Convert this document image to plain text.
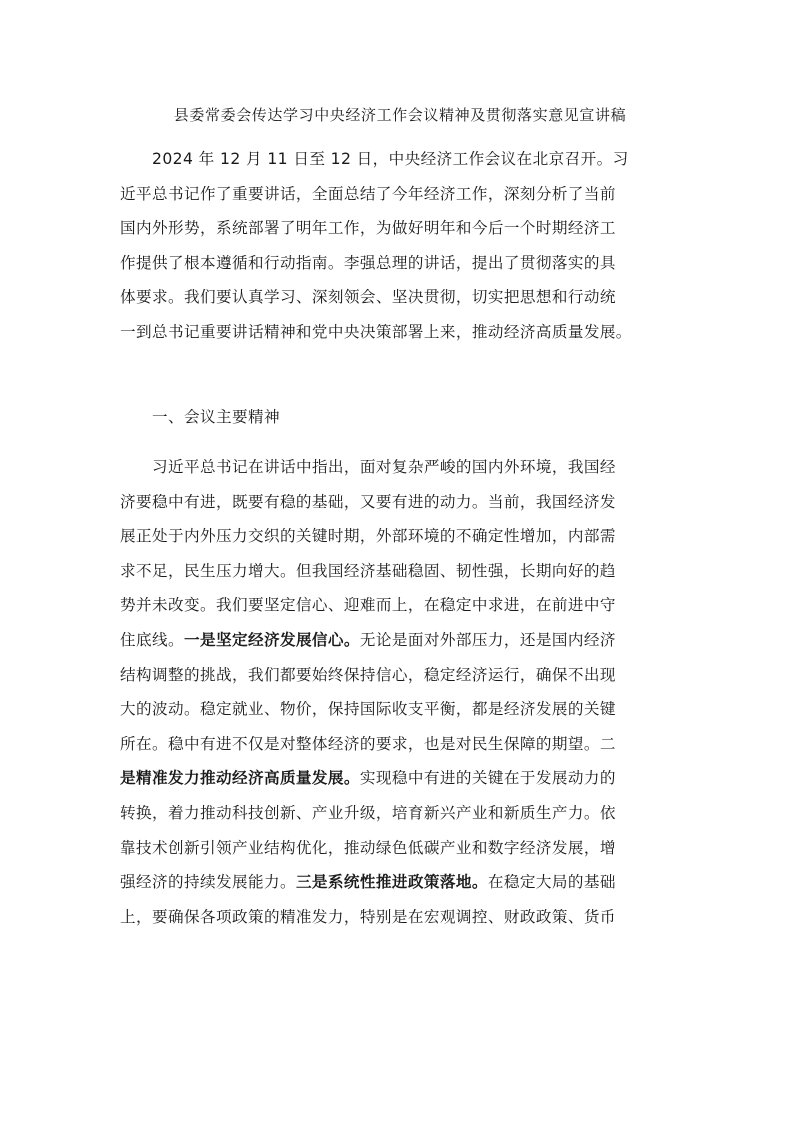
县委常委会传达学习中央经济工作会议精神及贯彻落实意见宣讲稿
2024 年 12 月 11 日至 12 日，中央经济工作会议在北京召开。习
近平总书记作了重要讲话，全面总结了今年经济工作，深刻分析了当前
国内外形势，系统部署了明年工作，为做好明年和今后一个时期经济工
作提供了根本遵循和行动指南。李强总理的讲话，提出了贯彻落实的具
体要求。我们要认真学习、深刻领会、坚决贯彻，切实把思想和行动统
一到总书记重要讲话精神和党中央决策部署上来，推动经济高质量发展。
一、会议主要精神
习近平总书记在讲话中指出，面对复杂严峻的国内外环境，我国经
济要稳中有进，既要有稳的基础，又要有进的动力。当前，我国经济发
展正处于内外压力交织的关键时期，外部环境的不确定性增加，内部需
求不足，民生压力增大。但我国经济基础稳固、韧性强，长期向好的趋
势并未改变。我们要坚定信心、迎难而上，在稳定中求进，在前进中守
住底线。一是坚定经济发展信心。无论是面对外部压力，还是国内经济
结构调整的挑战，我们都要始终保持信心，稳定经济运行，确保不出现
大的波动。稳定就业、物价，保持国际收支平衡，都是经济发展的关键
所在。稳中有进不仅是对整体经济的要求，也是对民生保障的期望。二
是精准发力推动经济高质量发展。实现稳中有进的关键在于发展动力的
转换，着力推动科技创新、产业升级，培育新兴产业和新质生产力。依
靠技术创新引领产业结构优化，推动绿色低碳产业和数字经济发展，增
强经济的持续发展能力。三是系统性推进政策落地。在稳定大局的基础
上，要确保各项政策的精准发力，特别是在宏观调控、财政政策、货币
